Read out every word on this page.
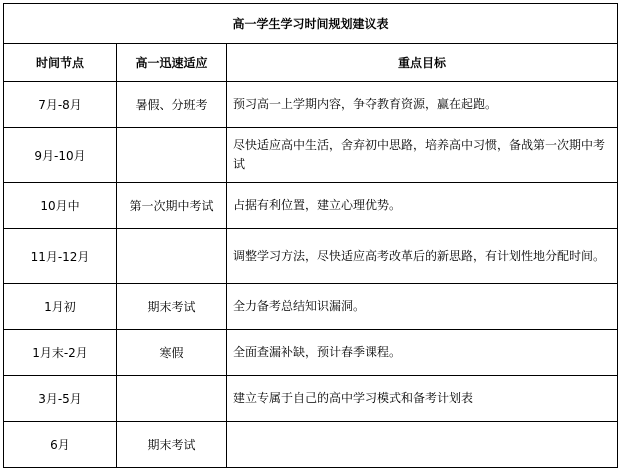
高一学生学习时间规划建议表		
时间节点	高一迅速适应	重点目标
7月-8月	暑假、分班考	预习高一上学期内容，争夺教育资源，赢在起跑。
9月-10月		尽快适应高中生活，舍弃初中思路，培养高中习惯，备战第一次期中考试
10月中	第一次期中考试	占据有利位置，建立心理优势。
11月-12月		调整学习方法，尽快适应高考改革后的新思路，有计划性地分配时间。
1月初	期末考试	全力备考总结知识漏洞。
1月末-2月	寒假	全面查漏补缺，预计春季课程。
3月-5月		建立专属于自己的高中学习模式和备考计划表
6月	期末考试	
